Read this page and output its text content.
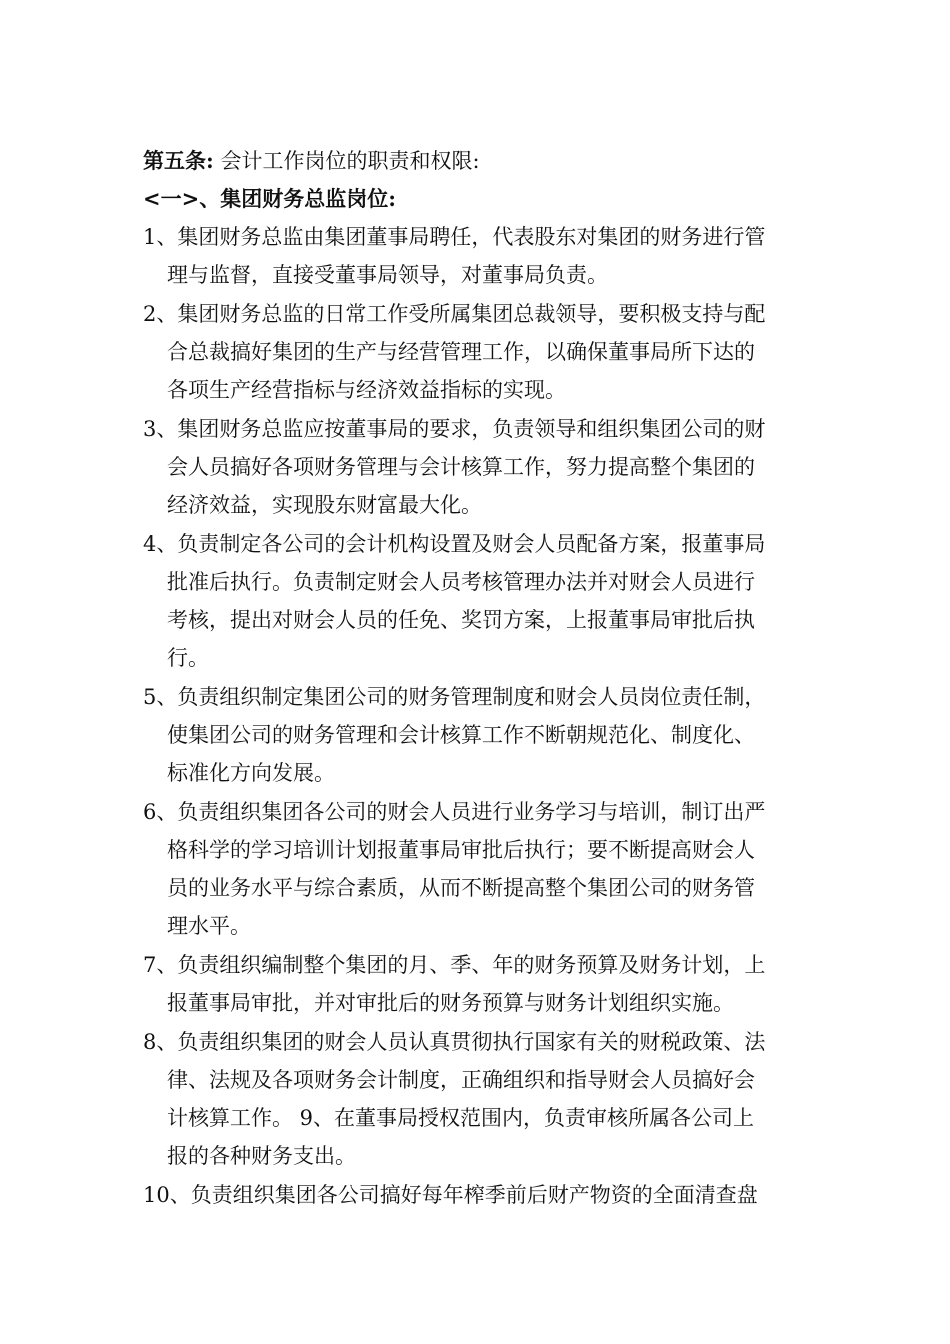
第五条: 会计工作岗位的职责和权限:
<一>、集团财务总监岗位:
1、集团财务总监由集团董事局聘任，代表股东对集团的财务进行管
理与监督，直接受董事局领导，对董事局负责。
2、集团财务总监的日常工作受所属集团总裁领导，要积极支持与配
合总裁搞好集团的生产与经营管理工作，以确保董事局所下达的
各项生产经营指标与经济效益指标的实现。
3、集团财务总监应按董事局的要求，负责领导和组织集团公司的财
会人员搞好各项财务管理与会计核算工作，努力提高整个集团的
经济效益，实现股东财富最大化。
4、负责制定各公司的会计机构设置及财会人员配备方案，报董事局
批准后执行。负责制定财会人员考核管理办法并对财会人员进行
考核，提出对财会人员的任免、奖罚方案，上报董事局审批后执
行。
5、负责组织制定集团公司的财务管理制度和财会人员岗位责任制，
使集团公司的财务管理和会计核算工作不断朝规范化、制度化、
标准化方向发展。
6、负责组织集团各公司的财会人员进行业务学习与培训，制订出严
格科学的学习培训计划报董事局审批后执行；要不断提高财会人
员的业务水平与综合素质，从而不断提高整个集团公司的财务管
理水平。
7、负责组织编制整个集团的月、季、年的财务预算及财务计划，上
报董事局审批，并对审批后的财务预算与财务计划组织实施。
8、负责组织集团的财会人员认真贯彻执行国家有关的财税政策、法
律、法规及各项财务会计制度，正确组织和指导财会人员搞好会
计核算工作。 9、在董事局授权范围内，负责审核所属各公司上
报的各种财务支出。
10、负责组织集团各公司搞好每年榨季前后财产物资的全面清查盘
